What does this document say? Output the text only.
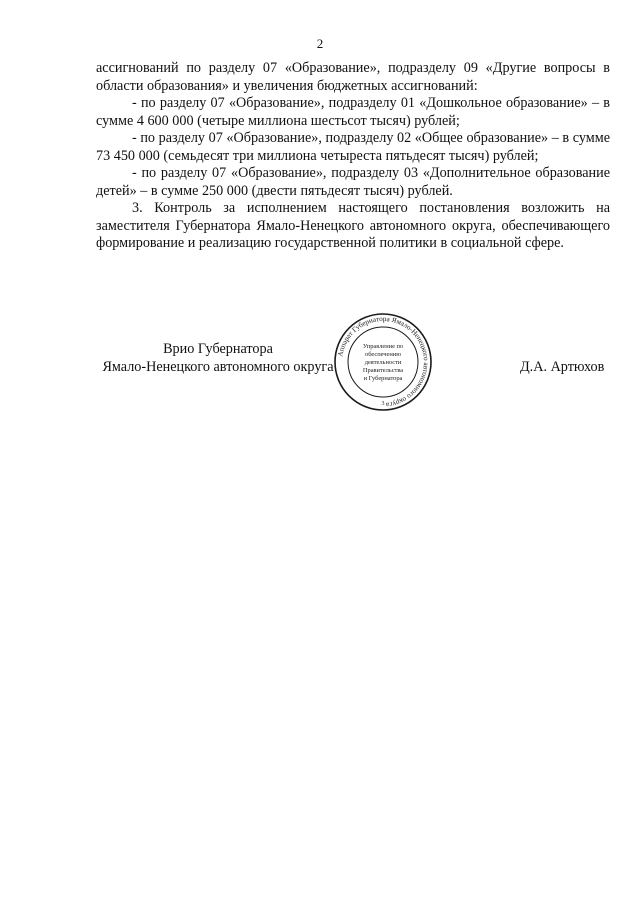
2

ассигнований по разделу 07 «Образование», подразделу 09 «Другие вопросы в области образования» и увеличения бюджетных ассигнований:

- по разделу 07 «Образование», подразделу 01 «Дошкольное образование» – в сумме 4 600 000 (четыре миллиона шестьсот тысяч) рублей;

- по разделу 07 «Образование», подразделу 02 «Общее образование» – в сумме 73 450 000 (семьдесят три миллиона четыреста пятьдесят тысяч) рублей;

- по разделу 07 «Образование», подразделу 03 «Дополнительное образование детей» – в сумме 250 000 (двести пятьдесят тысяч) рублей.

3. Контроль за исполнением настоящего постановления возложить на заместителя Губернатора Ямало-Ненецкого автономного округа, обеспечивающего формирование и реализацию государственной политики в социальной сфере.

Врио Губернатора
Ямало-Ненецкого автономного округа
Аппарат Губернатора Ямало-Ненецкого автономного округа
3
Управление по
обеспечению
деятельности
Правительства
и Губернатора
Д.А. Артюхов
